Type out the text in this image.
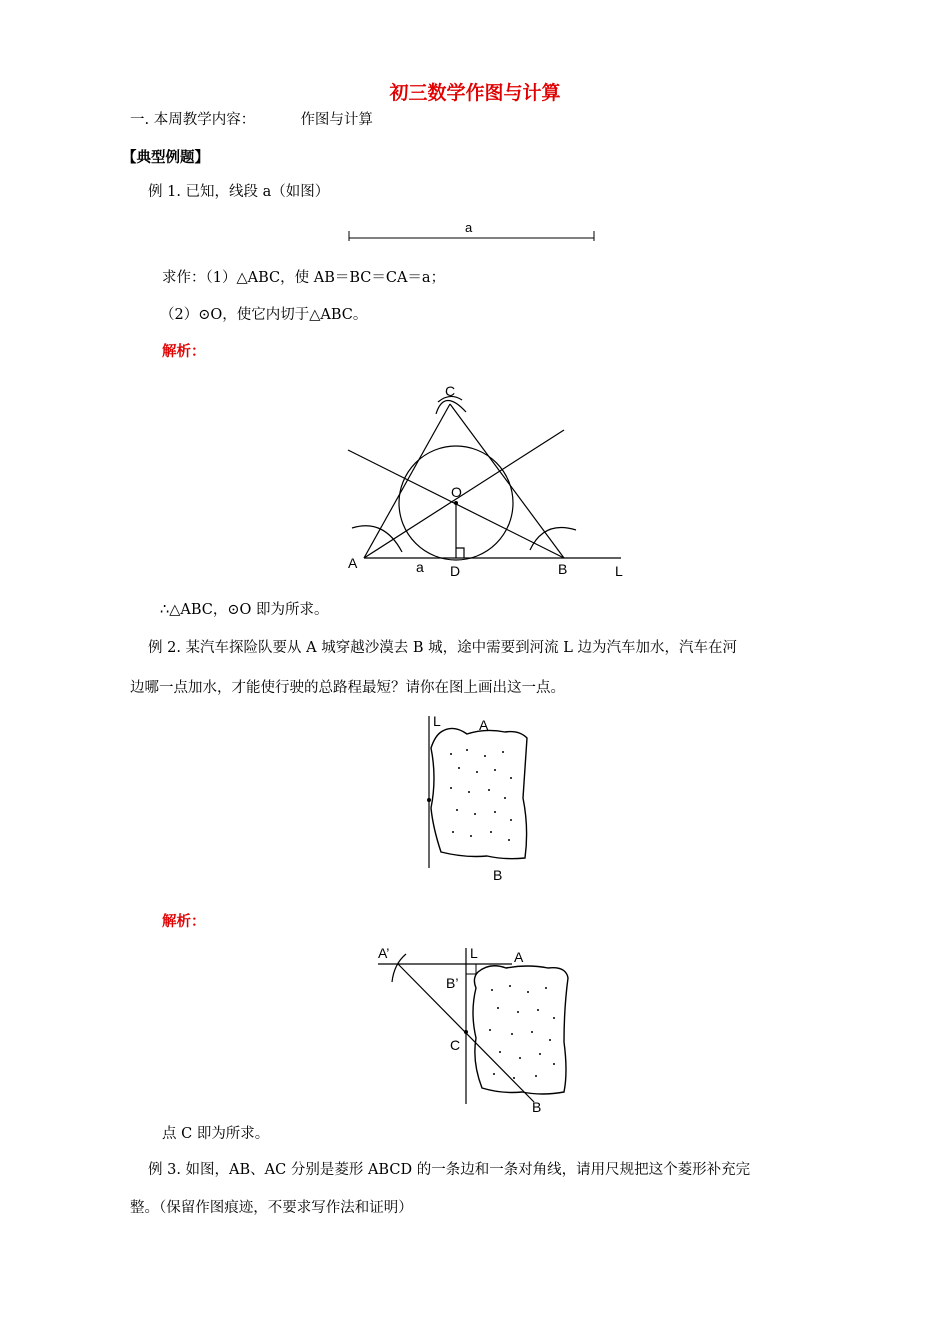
初三数学作图与计算
一. 本周教学内容：	作图与计算
【典型例题】
例 1. 已知，线段 a（如图）
a
求作：（1）△ABC，使 AB＝BC＝CA＝a；
（2）⊙O，使它内切于△ABC。
解析：
C
O
A	a D	B	L
∴△ABC，⊙O 即为所求。
例 2. 某汽车探险队要从 A 城穿越沙漠去 B 城，途中需要到河流 L 边为汽车加水，汽车在河
边哪一点加水，才能使行驶的总路程最短？请你在图上画出这一点。
L	A
B
解析：
A’	L	A
B’
C
B
点 C 即为所求。
例 3. 如图，AB、AC 分别是菱形 ABCD 的一条边和一条对角线，请用尺规把这个菱形补充完
整。（保留作图痕迹，不要求写作法和证明）
